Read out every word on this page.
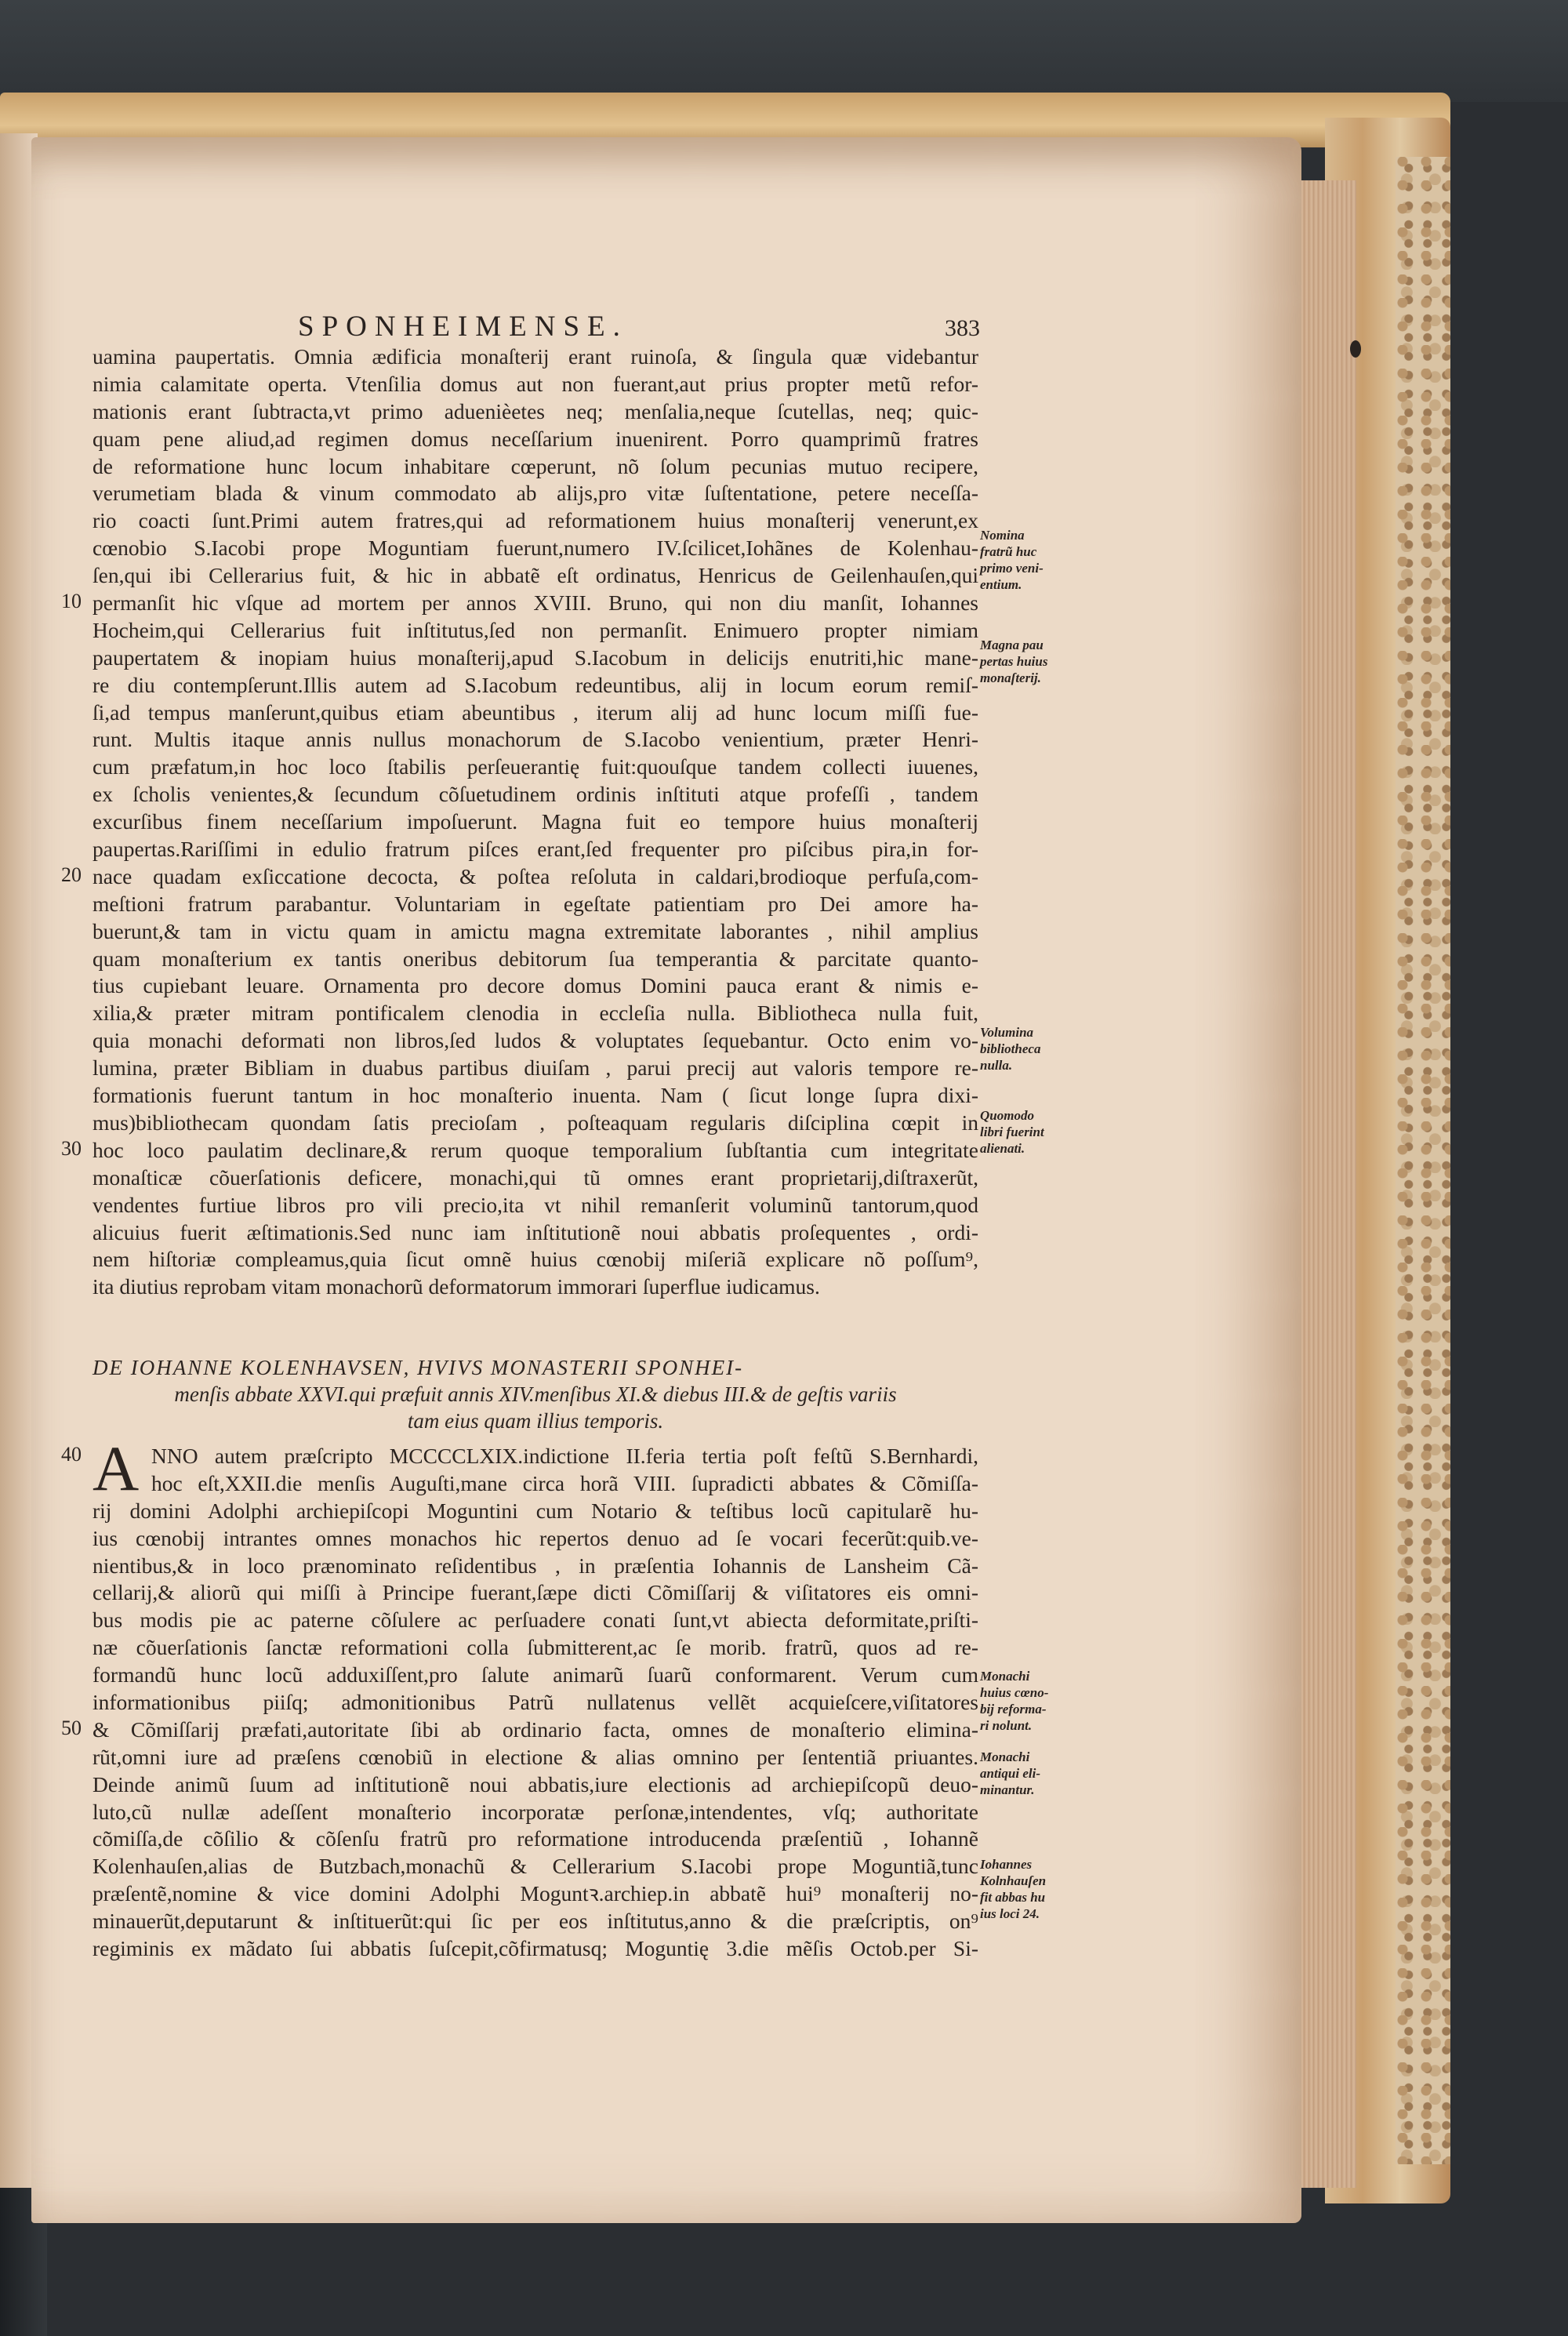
SPONHEIMENSE.	383
uamina paupertatis. Omnia ædificia monaſterij erant ruinoſa, & ſingula quæ videbantur
nimia calamitate operta. Vtenſilia domus aut non fuerant,aut prius propter metũ refor-
mationis erant ſubtracta,vt primo aduenièetes neq; menſalia,neque ſcutellas, neq; quic-
quam pene aliud,ad regimen domus neceſſarium inuenirent. Porro quamprimũ fratres
de reformatione hunc locum inhabitare cœperunt, nõ ſolum pecunias mutuo recipere,
verumetiam blada & vinum commodato ab alijs,pro vitæ ſuſtentatione, petere neceſſa-
rio coacti ſunt.Primi autem fratres,qui ad reformationem huius monaſterij venerunt,ex
cœnobio S.Iacobi prope Moguntiam fuerunt,numero IV.ſcilicet,Iohãnes de Kolenhau-
ſen,qui ibi Cellerarius fuit, & hic in abbatẽ eſt ordinatus, Henricus de Geilenhauſen,qui
permanſit hic vſque ad mortem per annos XVIII. Bruno, qui non diu manſit, Iohannes
Hocheim,qui Cellerarius fuit inſtitutus,ſed non permanſit. Enimuero propter nimiam
paupertatem & inopiam huius monaſterij,apud S.Iacobum in delicijs enutriti,hic mane-
re diu contempſerunt.Illis autem ad S.Iacobum redeuntibus, alij in locum eorum remiſ-
ſi,ad tempus manſerunt,quibus etiam abeuntibus , iterum alij ad hunc locum miſſi fue-
runt. Multis itaque annis nullus monachorum de S.Iacobo venientium, præter Henri-
cum præfatum,in hoc loco ſtabilis perſeuerantię fuit:quouſque tandem collecti iuuenes,
ex ſcholis venientes,& ſecundum cõſuetudinem ordinis inſtituti atque profeſſi , tandem
excurſibus finem neceſſarium impoſuerunt. Magna fuit eo tempore huius monaſterij
paupertas.Rariſſimi in edulio fratrum piſces erant,ſed frequenter pro piſcibus pira,in for-
nace quadam exſiccatione decocta, & poſtea reſoluta in caldari,brodioque perfuſa,com-
meſtioni fratrum parabantur. Voluntariam in egeſtate patientiam pro Dei amore ha-
buerunt,& tam in victu quam in amictu magna extremitate laborantes , nihil amplius
quam monaſterium ex tantis oneribus debitorum ſua temperantia & parcitate quanto-
tius cupiebant leuare. Ornamenta pro decore domus Domini pauca erant & nimis e-
xilia,& præter mitram pontificalem clenodia in eccleſia nulla. Bibliotheca nulla fuit,
quia monachi deformati non libros,ſed ludos & voluptates ſequebantur. Octo enim vo-
lumina, præter Bibliam in duabus partibus diuiſam , parui precij aut valoris tempore re-
formationis fuerunt tantum in hoc monaſterio inuenta. Nam ( ſicut longe ſupra dixi-
mus)bibliothecam quondam ſatis precioſam , poſteaquam regularis diſciplina cœpit in
hoc loco paulatim declinare,& rerum quoque temporalium ſubſtantia cum integritate
monaſticæ cõuerſationis deficere, monachi,qui tũ omnes erant proprietarij,diſtraxerũt,
vendentes furtiue libros pro vili precio,ita vt nihil remanſerit voluminũ tantorum,quod
alicuius fuerit æſtimationis.Sed nunc iam inſtitutionẽ noui abbatis proſequentes , ordi-
nem hiſtoriæ compleamus,quia ſicut omnẽ huius cœnobij miſeriã explicare nõ poſſum⁹,
ita diutius reprobam vitam monachorũ deformatorum immorari ſuperflue iudicamus.
10
20
30
40
50
DE IOHANNE KOLENHAVSEN, HVIVS MONASTERII SPONHEI-
menſis abbate XXVI.qui præfuit annis XIV.menſibus XI.& diebus III.& de geſtis variis
tam eius quam illius temporis.
A NNO autem præſcripto MCCCCLXIX.indictione II.feria tertia poſt feſtũ S.Bernhardi,
hoc eſt,XXII.die menſis Auguſti,mane circa horã VIII. ſupradicti abbates & Cõmiſſa-
rij domini Adolphi archiepiſcopi Moguntini cum Notario & teſtibus locũ capitularẽ hu-
ius cœnobij intrantes omnes monachos hic repertos denuo ad ſe vocari fecerũt:quib.ve-
nientibus,& in loco prænominato reſidentibus , in præſentia Iohannis de Lansheim Cã-
cellarij,& aliorũ qui miſſi à Principe fuerant,ſæpe dicti Cõmiſſarij & viſitatores eis omni-
bus modis pie ac paterne cõſulere ac perſuadere conati ſunt,vt abiecta deformitate,priſti-
næ cõuerſationis ſanctæ reformationi colla ſubmitterent,ac ſe morib. fratrũ, quos ad re-
formandũ hunc locũ adduxiſſent,pro ſalute animarũ ſuarũ conformarent. Verum cum
informationibus piiſq; admonitionibus Patrũ nullatenus vellẽt acquieſcere,viſitatores
& Cõmiſſarij præfati,autoritate ſibi ab ordinario facta, omnes de monaſterio elimina-
rũt,omni iure ad præſens cœnobiũ in electione & alias omnino per ſententiã priuantes.
Deinde animũ ſuum ad inſtitutionẽ noui abbatis,iure electionis ad archiepiſcopũ deuo-
luto,cũ nullæ adeſſent monaſterio incorporatæ perſonæ,intendentes, vſq; authoritate
cõmiſſa,de cõſilio & cõſenſu fratrũ pro reformatione introducenda præſentiũ , Iohannẽ
Kolenhauſen,alias de Butzbach,monachũ & Cellerarium S.Iacobi prope Moguntiã,tunc
præſentẽ,nomine & vice domini Adolphi Moguntꝛ.archiep.in abbatẽ hui⁹ monaſterij no-
minauerũt,deputarunt & inſtituerũt:qui ſic per eos inſtitutus,anno & die præſcriptis, on⁹
regiminis ex mãdato ſui abbatis ſuſcepit,cõfirmatusq; Moguntię 3.die mẽſis Octob.per Si-
Nomina
fratrũ huc
primo veni-
entium.
Magna pau
pertas huius
monaſterij.
Volumina
bibliotheca
nulla.
Quomodo
libri fuerint
alienati.
Monachi
huius cœno-
bij reforma-
ri nolunt.
Monachi
antiqui eli-
minantur.
Iohannes
Kolnhauſen
fit abbas hu
ius loci 24.
